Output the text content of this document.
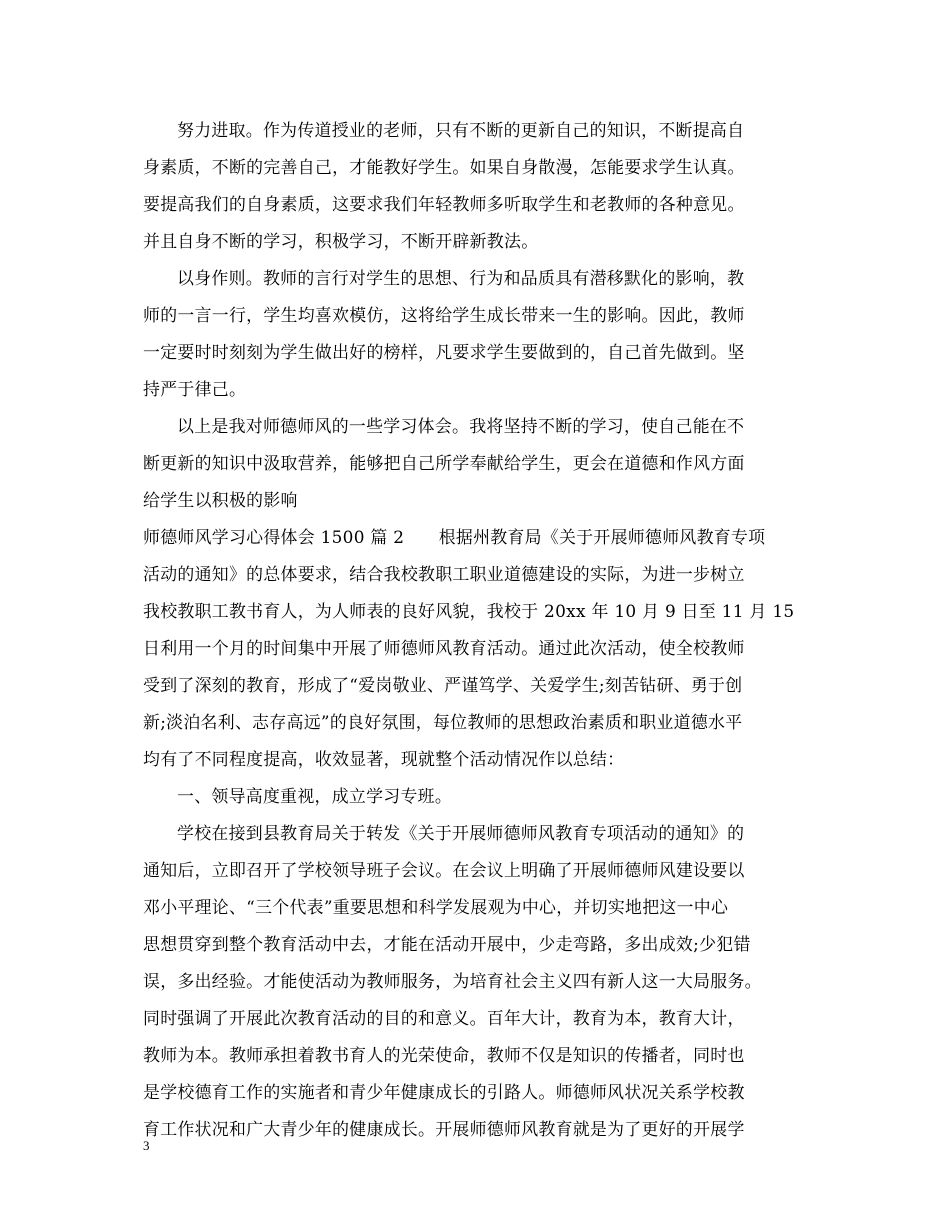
努力进取。作为传道授业的老师，只有不断的更新自己的知识，不断提高自
身素质，不断的完善自己，才能教好学生。如果自身散漫，怎能要求学生认真。
要提高我们的自身素质，这要求我们年轻教师多听取学生和老教师的各种意见。
并且自身不断的学习，积极学习，不断开辟新教法。
以身作则。教师的言行对学生的思想、行为和品质具有潜移默化的影响，教
师的一言一行，学生均喜欢模仿，这将给学生成长带来一生的影响。因此，教师
一定要时时刻刻为学生做出好的榜样，凡要求学生要做到的，自己首先做到。坚
持严于律己。
以上是我对师德师风的一些学习体会。我将坚持不断的学习，使自己能在不
断更新的知识中汲取营养，能够把自己所学奉献给学生，更会在道德和作风方面
给学生以积极的影响
师德师风学习心得体会 1500 篇 2　　根据州教育局《关于开展师德师风教育专项
活动的通知》的总体要求，结合我校教职工职业道德建设的实际，为进一步树立
我校教职工教书育人，为人师表的良好风貌，我校于 20xx 年 10 月 9 日至 11 月 15
日利用一个月的时间集中开展了师德师风教育活动。通过此次活动，使全校教师
受到了深刻的教育，形成了“爱岗敬业、严谨笃学、关爱学生;刻苦钻研、勇于创
新;淡泊名利、志存高远”的良好氛围，每位教师的思想政治素质和职业道德水平
均有了不同程度提高，收效显著，现就整个活动情况作以总结：
一、领导高度重视，成立学习专班。
学校在接到县教育局关于转发《关于开展师德师风教育专项活动的通知》的
通知后，立即召开了学校领导班子会议。在会议上明确了开展师德师风建设要以
邓小平理论、“三个代表”重要思想和科学发展观为中心，并切实地把这一中心
思想贯穿到整个教育活动中去，才能在活动开展中，少走弯路，多出成效;少犯错
误，多出经验。才能使活动为教师服务，为培育社会主义四有新人这一大局服务。
同时强调了开展此次教育活动的目的和意义。百年大计，教育为本，教育大计，
教师为本。教师承担着教书育人的光荣使命，教师不仅是知识的传播者，同时也
是学校德育工作的实施者和青少年健康成长的引路人。师德师风状况关系学校教
育工作状况和广大青少年的健康成长。开展师德师风教育就是为了更好的开展学
3
